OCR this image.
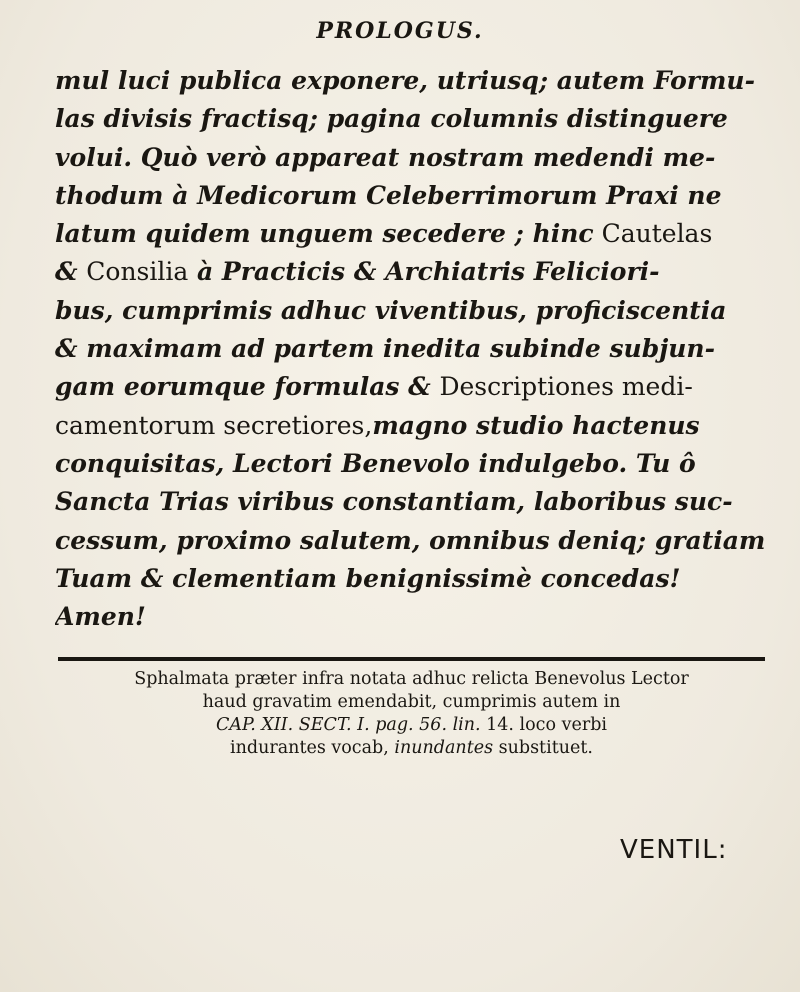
PROLOGUS.
mul luci publica exponere, utriusq; autem Formu-
las divisis fractisq; pagina columnis distinguere
volui. Quò verò appareat nostram medendi me-
thodum à Medicorum Celeberrimorum Praxi ne
latum quidem unguem secedere ; hinc Cautelas
& Consilia à Practicis & Archiatris Feliciori-
bus, cumprimis adhuc viventibus, proficiscentia
& maximam ad partem inedita subinde subjun-
gam eorumque formulas & Descriptiones medi-
camentorum secretiores,magno studio hactenus
conquisitas, Lectori Benevolo indulgebo. Tu ô
Sancta Trias viribus constantiam, laboribus suc-
cessum, proximo salutem, omnibus deniq; gratiam
Tuam & clementiam benignissimè concedas!
Amen!
Sphalmata præter infra notata adhuc relicta Benevolus Lector
haud gravatim emendabit, cumprimis autem in
CAP. XII. SECT. I. pag. 56. lin. 14. loco verbi
indurantes vocab, inundantes substituet.
VENTIL:
